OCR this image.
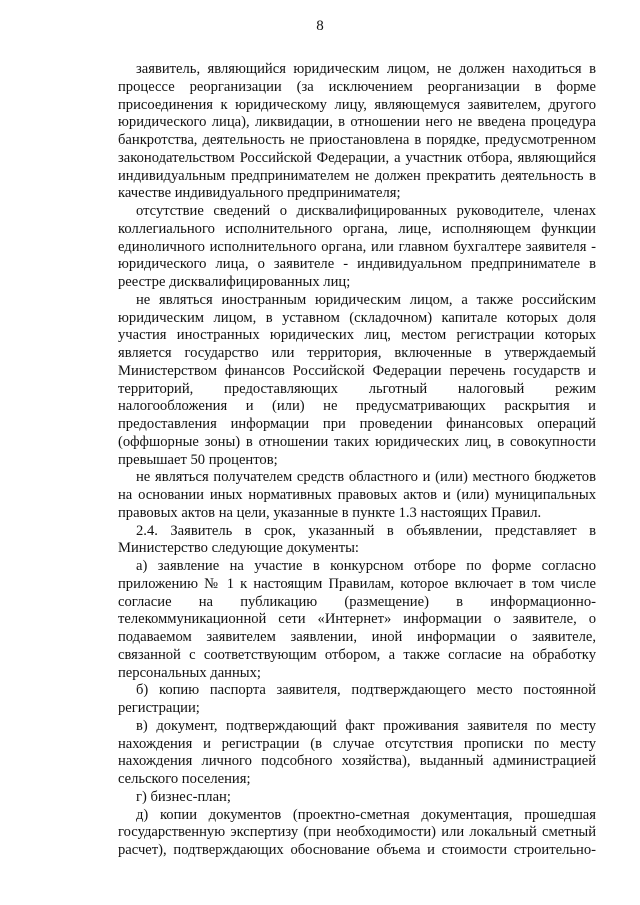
8

заявитель, являющийся юридическим лицом, не должен находиться в процессе реорганизации (за исключением реорганизации в форме присоединения к юридическому лицу, являющемуся заявителем, другого юридического лица), ликвидации, в отношении него не введена процедура банкротства, деятельность не приостановлена в порядке, предусмотренном законодательством Российской Федерации, а участник отбора, являющийся индивидуальным предпринимателем не должен прекратить деятельность в качестве индивидуального предпринимателя;

отсутствие сведений о дисквалифицированных руководителе, членах коллегиального исполнительного органа, лице, исполняющем функции единоличного исполнительного органа, или главном бухгалтере заявителя - юридического лица, о заявителе - индивидуальном предпринимателе в реестре дисквалифицированных лиц;

не являться иностранным юридическим лицом, а также российским юридическим лицом, в уставном (складочном) капитале которых доля участия иностранных юридических лиц, местом регистрации которых является государство или территория, включенные в утверждаемый Министерством финансов Российской Федерации перечень государств и территорий, предоставляющих льготный налоговый режим налогообложения и (или) не предусматривающих раскрытия и предоставления информации при проведении финансовых операций (оффшорные зоны) в отношении таких юридических лиц, в совокупности превышает 50 процентов;

не являться получателем средств областного и (или) местного бюджетов на основании иных нормативных правовых актов и (или) муниципальных правовых актов на цели, указанные в пункте 1.3 настоящих Правил.

2.4. Заявитель в срок, указанный в объявлении, представляет в Министерство следующие документы:

а) заявление на участие в конкурсном отборе по форме согласно приложению № 1 к настоящим Правилам, которое включает в том числе согласие на публикацию (размещение) в информационно-телекоммуникационной сети «Интернет» информации о заявителе, о подаваемом заявителем заявлении, иной информации о заявителе, связанной с соответствующим отбором, а также согласие на обработку персональных данных;

б) копию паспорта заявителя, подтверждающего место постоянной регистрации;

в) документ, подтверждающий факт проживания заявителя по месту нахождения и регистрации (в случае отсутствия прописки по месту нахождения личного подсобного хозяйства), выданный администрацией сельского поселения;

г) бизнес-план;

д) копии документов (проектно-сметная документация, прошедшая государственную экспертизу (при необходимости) или локальный сметный расчет), подтверждающих обоснование объема и стоимости строительно-
